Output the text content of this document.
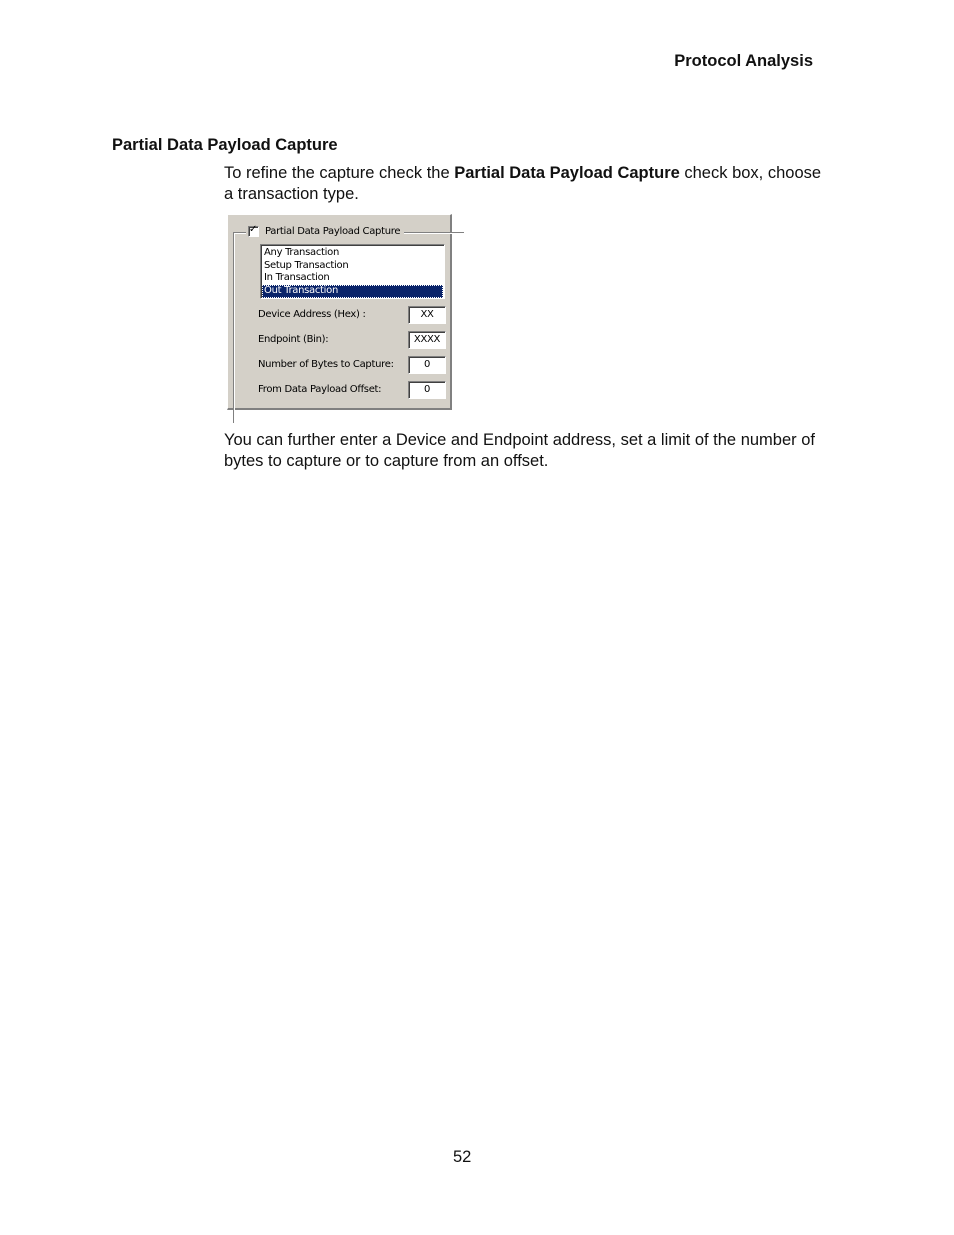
Protocol Analysis
Partial Data Payload Capture
To refine the capture check the Partial Data Payload Capture check box, choose a transaction type.
✓ Partial Data Payload Capture
Any Transaction
Setup Transaction
In Transaction
Out Transaction
Device Address (Hex) :	XX
Endpoint (Bin):	XXXX
Number of Bytes to Capture:	0
From Data Payload Offset:	0
You can further enter a Device and Endpoint address, set a limit of the number of bytes to capture or to capture from an offset.
52
